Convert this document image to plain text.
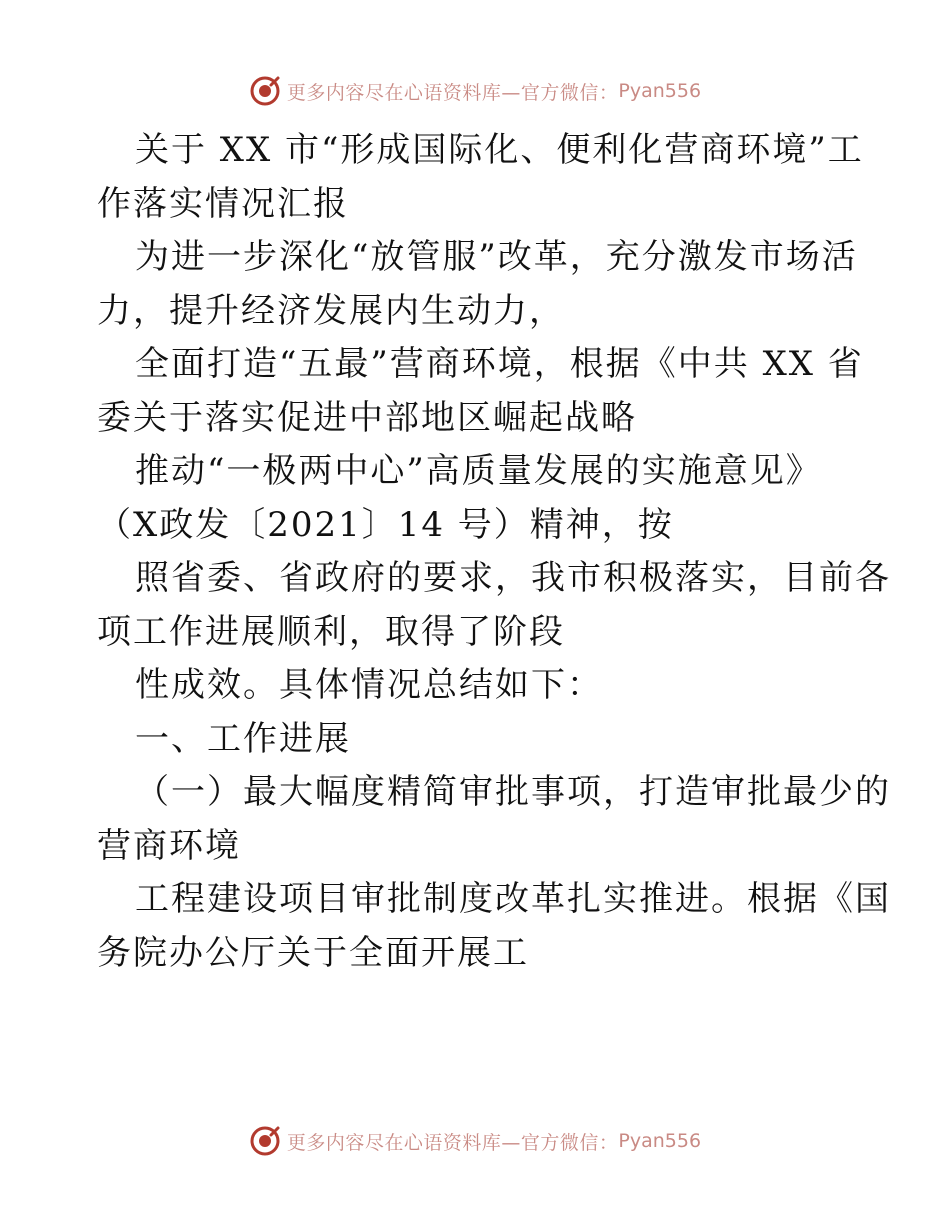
更多内容尽在心语资料库—官方微信： Pyan556

关于 XX 市“形成国际化、便利化营商环境”工
作落实情况汇报

为进一步深化“放管服”改革，充分激发市场活
力，提升经济发展内生动力，

全面打造“五最”营商环境，根据《中共 XX 省
委关于落实促进中部地区崛起战略

推动“一极两中心”高质量发展的实施意见》

（X政发〔2021〕14 号）精神，按

照省委、省政府的要求，我市积极落实，目前各
项工作进展顺利，取得了阶段

性成效。具体情况总结如下：

一、工作进展

（一）最大幅度精简审批事项，打造审批最少的
营商环境

工程建设项目审批制度改革扎实推进。根据《国
务院办公厅关于全面开展工

更多内容尽在心语资料库—官方微信： Pyan556
